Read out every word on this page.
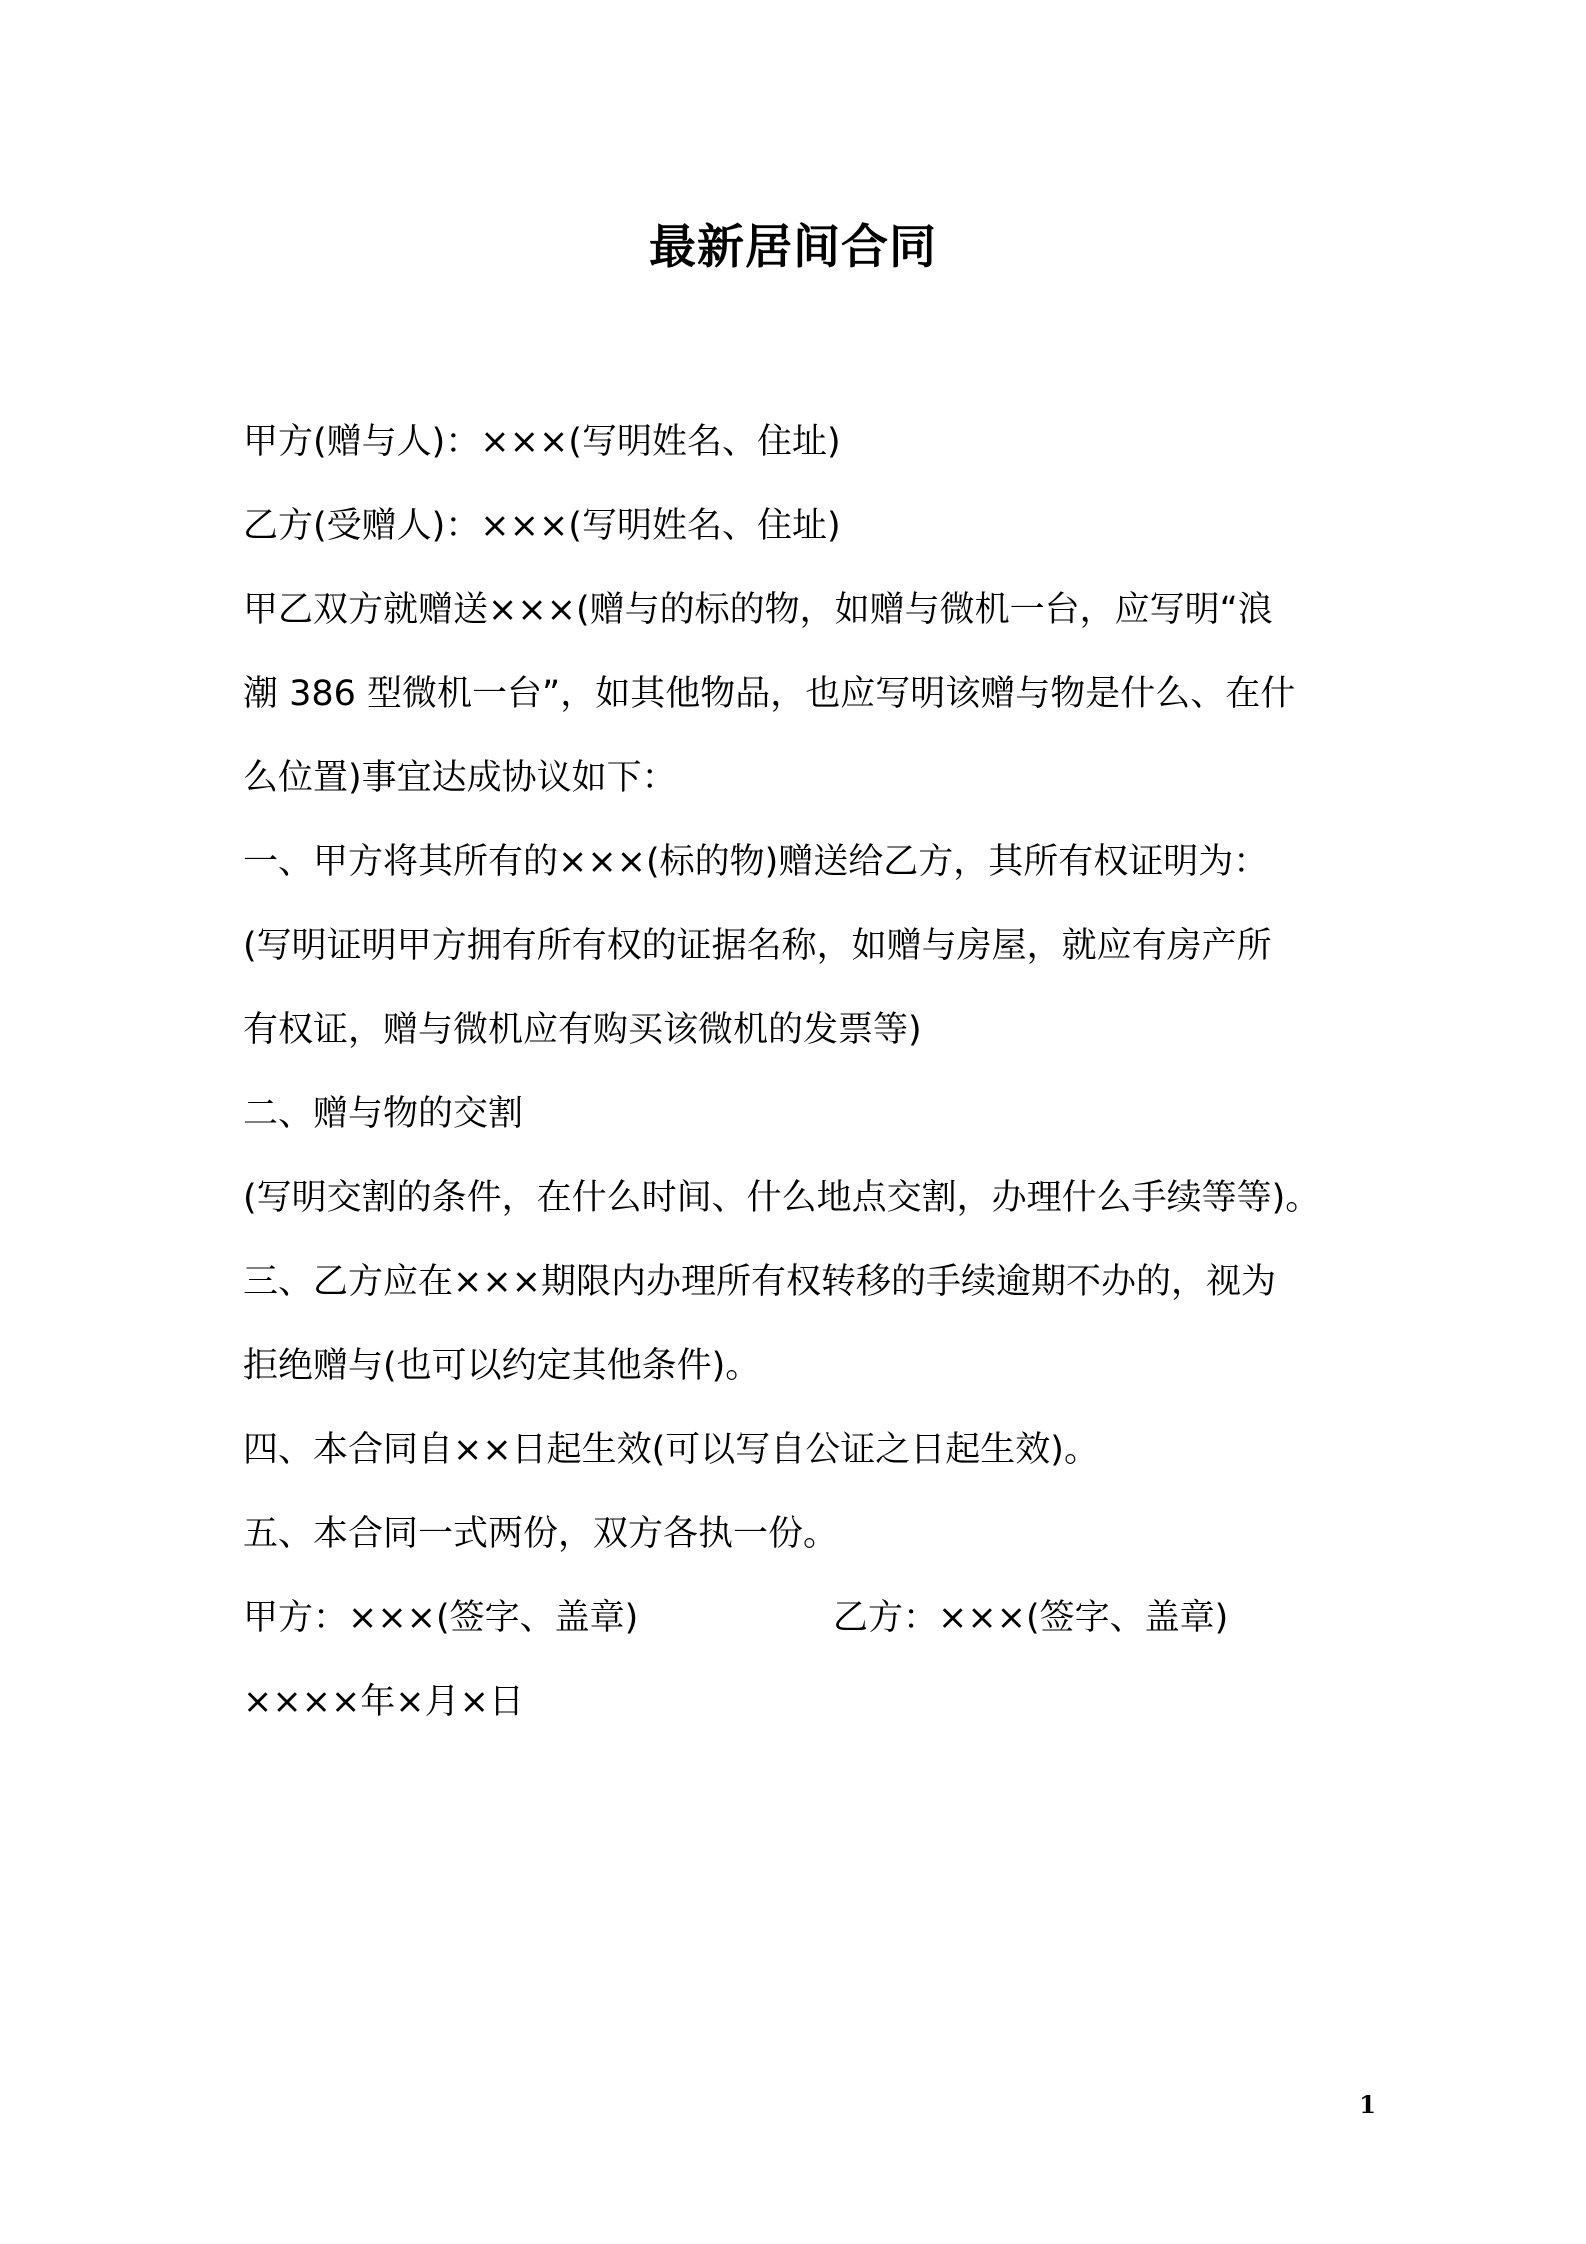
最新居间合同
甲方(赠与人)：×××(写明姓名、住址)
乙方(受赠人)：×××(写明姓名、住址)
甲乙双方就赠送×××(赠与的标的物，如赠与微机一台，应写明“浪
潮 386 型微机一台”，如其他物品，也应写明该赠与物是什么、在什
么位置)事宜达成协议如下：
一、甲方将其所有的×××(标的物)赠送给乙方，其所有权证明为：
(写明证明甲方拥有所有权的证据名称，如赠与房屋，就应有房产所
有权证，赠与微机应有购买该微机的发票等)
二、赠与物的交割
(写明交割的条件，在什么时间、什么地点交割，办理什么手续等等)。
三、乙方应在×××期限内办理所有权转移的手续逾期不办的，视为
拒绝赠与(也可以约定其他条件)。
四、本合同自××日起生效(可以写自公证之日起生效)。
五、本合同一式两份，双方各执一份。
甲方：×××(签字、盖章)	乙方：×××(签字、盖章)
××××年×月×日
1
